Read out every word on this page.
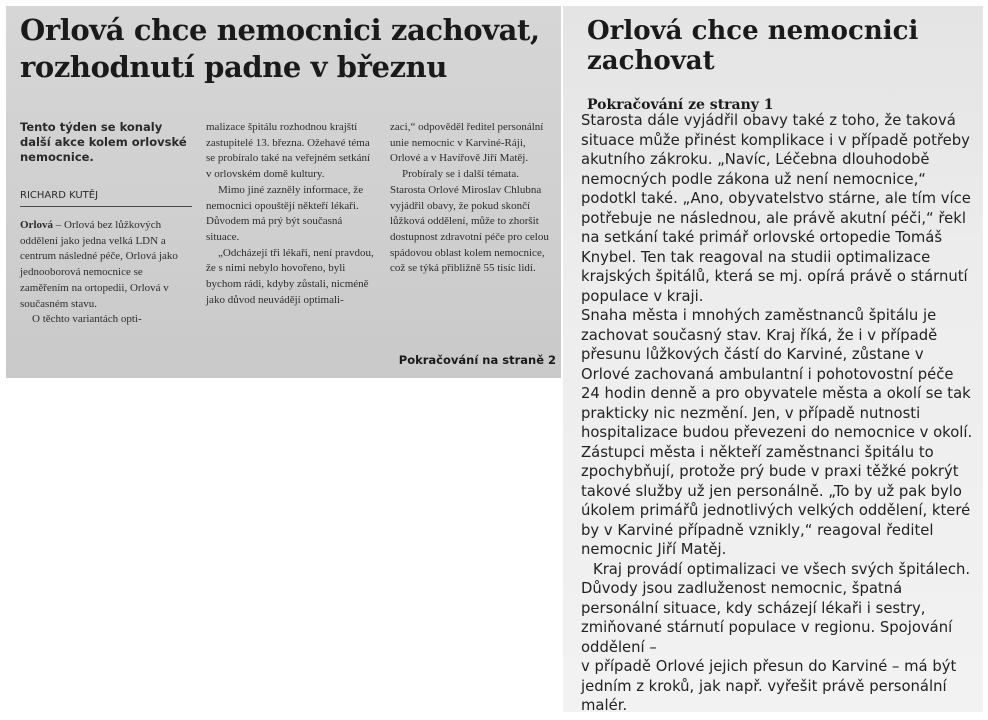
Orlová chce nemocnici zachovat, rozhodnutí padne v březnu

Tento týden se konaly další akce kolem orlovské nemocnice.

RICHARD KUTĚJ

Orlová – Orlová bez lůžkových oddělení jako jedna velká LDN a centrum následné péče, Orlová jako jednooborová nemocnice se zaměřením na ortopedii, Orlová v současném stavu.

O těchto variantách opti-

malizace špitálu rozhodnou krajští zastupitelé 13. března. Ožehavé téma se probíralo také na veřejném setkání v orlovském domě kultury.

Mimo jiné zazněly informace, že nemocnici opouštějí někteří lékaři. Důvodem má prý být současná situace.

„Odcházejí tři lékaři, není pravdou, že s nimi nebylo hovořeno, byli bychom rádi, kdyby zůstali, nicméně jako důvod neuvádějí optimali-

zaci,“ odpověděl ředitel personální unie nemocnic v Karviné-Ráji, Orlové a v Havířově Jiří Matěj.

Probíraly se i další témata. Starosta Orlové Miroslav Chlubna vyjádřil obavy, že pokud skončí lůžková oddělení, může to zhoršit dostupnost zdravotní péče pro celou spádovou oblast kolem nemocnice, což se týká přibližně 55 tisíc lidí.

Pokračování na straně 2

Orlová chce nemocnici zachovat

Pokračování ze strany 1

Starosta dále vyjádřil obavy také z toho, že taková situace může přinést komplikace i v případě potřeby akutního zákroku. „Navíc, Léčebna dlouhodobě nemocných podle zákona už není nemocnice,“ podotkl také. „Ano, obyvatelstvo stárne, ale tím více potřebuje ne následnou, ale právě akutní péči,“ řekl na setkání také primář orlovské ortopedie Tomáš Knybel. Ten tak reagoval na studii optimalizace krajských špitálů, která se mj. opírá právě o stárnutí populace v kraji.

Snaha města i mnohých zaměstnanců špitálu je zachovat současný stav. Kraj říká, že i v případě přesunu lůžkových částí do Karviné, zůstane v Orlové zachovaná ambulantní i pohotovostní péče 24 hodin denně a pro obyvatele města a okolí se tak prakticky nic nezmění. Jen, v případě nutnosti hospitalizace budou převezeni do nemocnice v okolí. Zástupci města i někteří zaměstnanci špitálu to zpochybňují, protože prý bude v praxi těžké pokrýt takové služby už jen personálně. „To by už pak bylo úkolem primářů jednotlivých velkých oddělení, které by v Karviné případně vznikly,“ reagoval ředitel nemocnic Jiří Matěj.

Kraj provádí optimalizaci ve všech svých špitálech. Důvody jsou zadluženost nemocnic, špatná personální situace, kdy scházejí lékaři i sestry, zmiňované stárnutí populace v regionu. Spojování oddělení –

v případě Orlové jejich přesun do Karviné – má být jedním z kroků, jak např. vyřešit právě personální malér.
